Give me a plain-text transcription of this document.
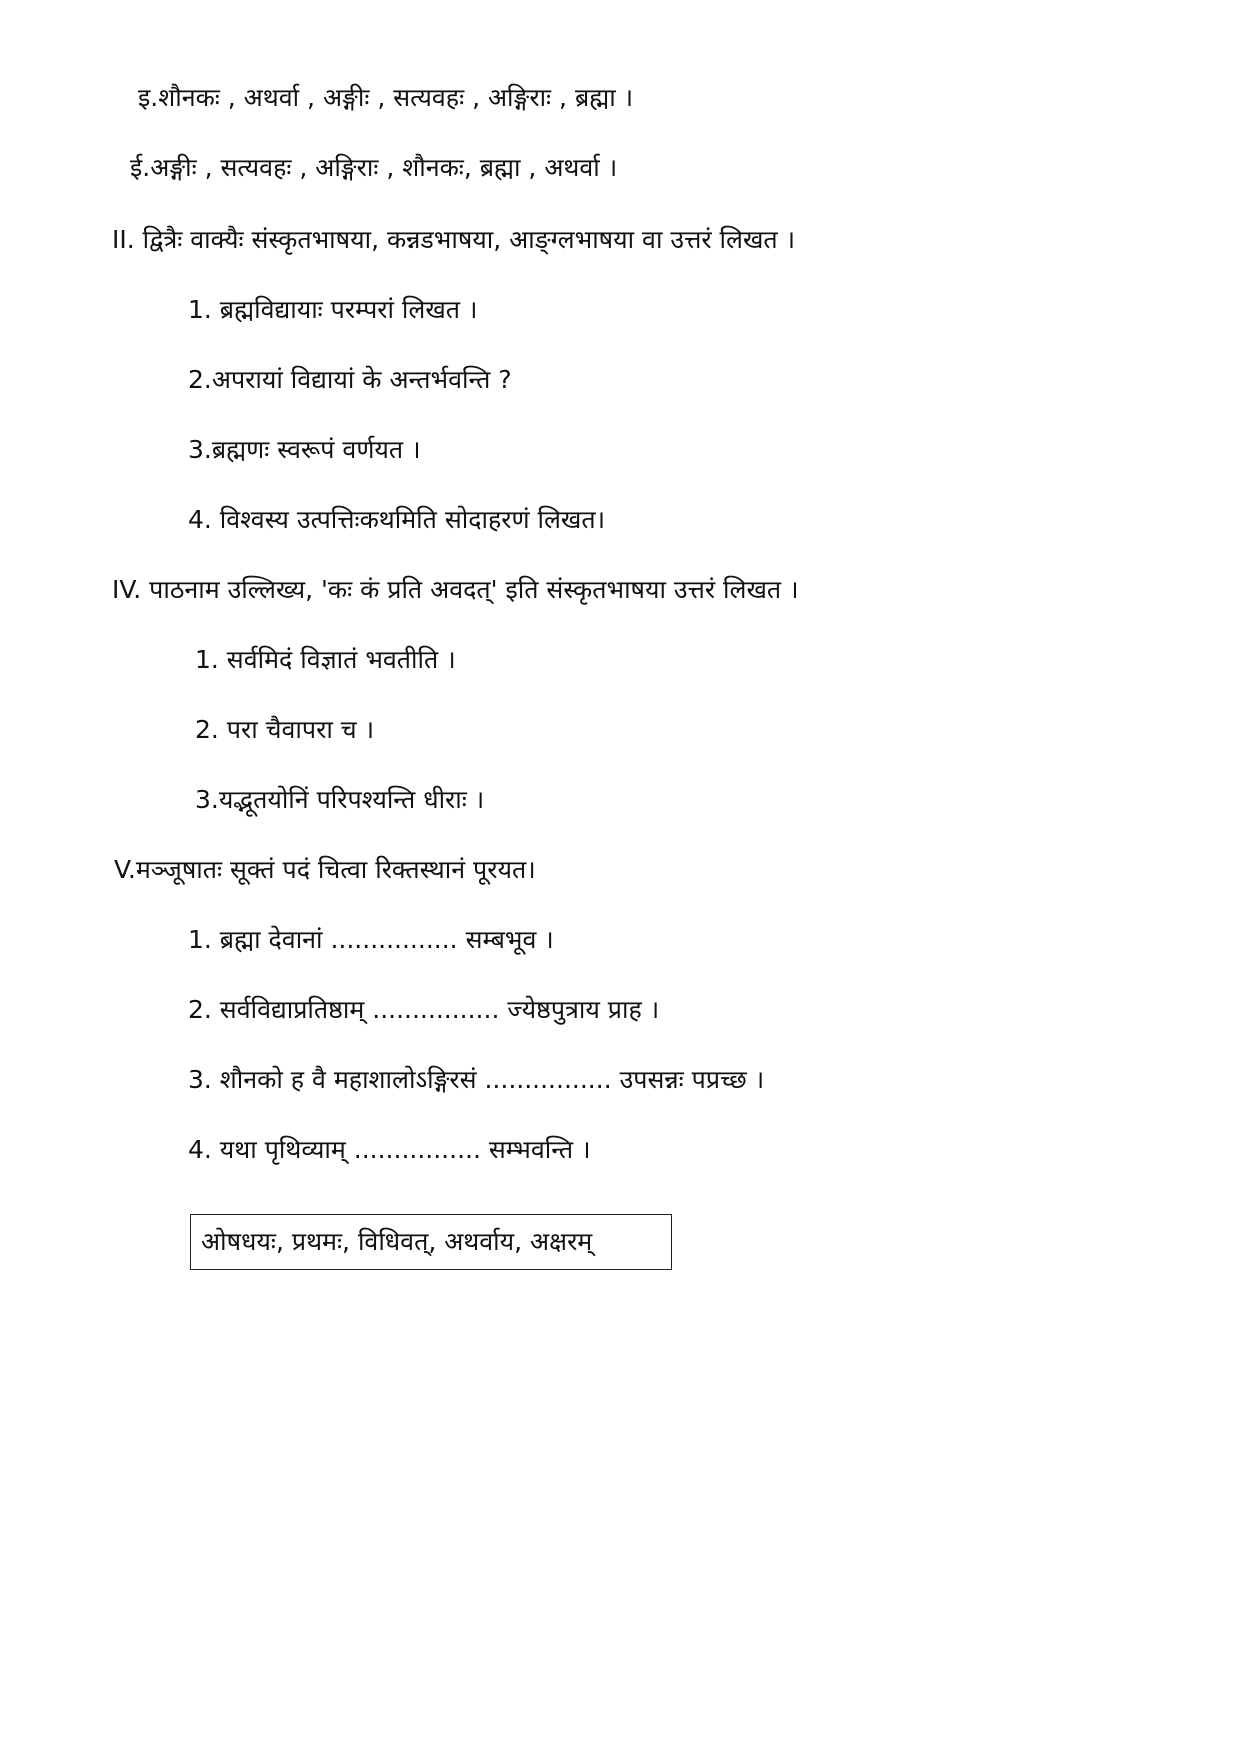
इ.शौनकः , अथर्वा , अङ्गीः , सत्यवहः , अङ्गिराः , ब्रह्मा ।
ई.अङ्गीः , सत्यवहः , अङ्गिराः , शौनकः, ब्रह्मा , अथर्वा ।
II. द्वित्रैः वाक्यैः संस्कृतभाषया, कन्नडभाषया, आङ्ग्लभाषया वा उत्तरं लिखत ।
1. ब्रह्मविद्यायाः परम्परां लिखत ।
2.अपरायां विद्यायां के अन्तर्भवन्ति ?
3.ब्रह्मणः स्वरूपं वर्णयत ।
4. विश्वस्य उत्पत्तिःकथमिति सोदाहरणं लिखत।
IV. पाठनाम उल्लिख्य, 'कः कं प्रति अवदत्' इति संस्कृतभाषया उत्तरं लिखत ।
1. सर्वमिदं विज्ञातं भवतीति ।
2. परा चैवापरा च ।
3.यद्भूतयोनिं परिपश्यन्ति धीराः ।
V.मञ्जूषातः सूक्तं पदं चित्वा रिक्तस्थानं पूरयत।
1. ब्रह्मा देवानां ................ सम्बभूव ।
2. सर्वविद्याप्रतिष्ठाम् ................ ज्येष्ठपुत्राय प्राह ।
3. शौनको ह वै महाशालोऽङ्गिरसं ................ उपसन्नः पप्रच्छ ।
4. यथा पृथिव्याम् ................ सम्भवन्ति ।
ओषधयः, प्रथमः, विधिवत्, अथर्वाय, अक्षरम्
